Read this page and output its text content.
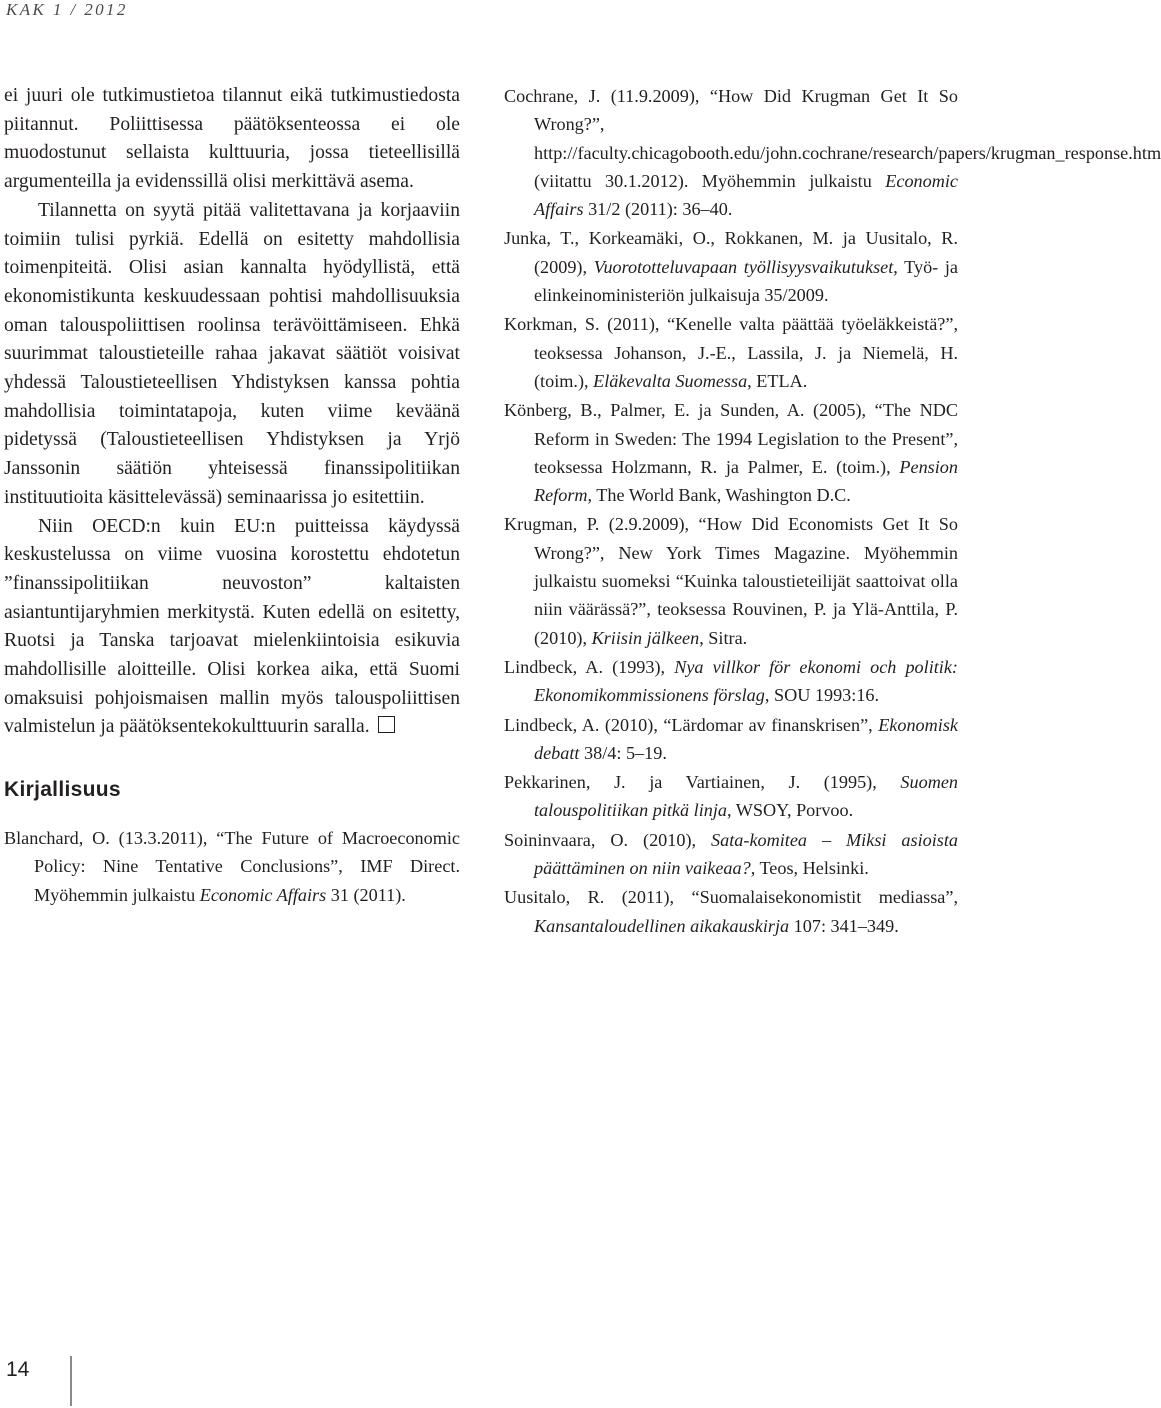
KAK 1 / 2012
ei juuri ole tutkimustietoa tilannut eikä tutkimustiedosta piitannut. Poliittisessa päätöksenteossa ei ole muodostunut sellaista kulttuuria, jossa tieteellisillä argumenteilla ja evidenssillä olisi merkittävä asema.
Tilannetta on syytä pitää valitettavana ja korjaaviin toimiin tulisi pyrkiä. Edellä on esitetty mahdollisia toimenpiteitä. Olisi asian kannalta hyödyllistä, että ekonomistikunta keskuudessaan pohtisi mahdollisuuksia oman talouspoliittisen roolinsa terävöittämiseen. Ehkä suurimmat taloustieteille rahaa jakavat säätiöt voisivat yhdessä Taloustieteellisen Yhdistyksen kanssa pohtia mahdollisia toimintatapoja, kuten viime keväänä pidetyssä (Taloustieteellisen Yhdistyksen ja Yrjö Janssonin säätiön yhteisessä finanssipolitiikan instituutioita käsittelevässä) seminaarissa jo esitettiin.
Niin OECD:n kuin EU:n puitteissa käydyssä keskustelussa on viime vuosina korostettu ehdotetun ”finanssipolitiikan neuvoston” kaltaisten asiantuntijaryhmien merkitystä. Kuten edellä on esitetty, Ruotsi ja Tanska tarjoavat mielenkiintoisia esikuvia mahdollisille aloitteille. Olisi korkea aika, että Suomi omaksuisi pohjoismaisen mallin myös talouspoliittisen valmistelun ja päätöksentekokulttuurin saralla.
Kirjallisuus
Blanchard, O. (13.3.2011), “The Future of Macroeconomic Policy: Nine Tentative Conclusions”, IMF Direct. Myöhemmin julkaistu Economic Affairs 31 (2011).
Cochrane, J. (11.9.2009), “How Did Krugman Get It So Wrong?”, http://faculty.chicagobooth.edu/john.cochrane/research/papers/krugman_response.htm (viitattu 30.1.2012). Myöhemmin julkaistu Economic Affairs 31/2 (2011): 36–40.
Junka, T., Korkeamäki, O., Rokkanen, M. ja Uusitalo, R. (2009), Vuorototteluvapaan työllisyysvaikutukset, Työ- ja elinkeinoministeriön julkaisuja 35/2009.
Korkman, S. (2011), “Kenelle valta päättää työeläkkeistä?”, teoksessa Johanson, J.-E., Lassila, J. ja Niemelä, H. (toim.), Eläkevalta Suomessa, ETLA.
Könberg, B., Palmer, E. ja Sunden, A. (2005), “The NDC Reform in Sweden: The 1994 Legislation to the Present”, teoksessa Holzmann, R. ja Palmer, E. (toim.), Pension Reform, The World Bank, Washington D.C.
Krugman, P. (2.9.2009), “How Did Economists Get It So Wrong?”, New York Times Magazine. Myöhemmin julkaistu suomeksi “Kuinka taloustieteilijät saattoivat olla niin väärässä?”, teoksessa Rouvinen, P. ja Ylä-Anttila, P. (2010), Kriisin jälkeen, Sitra.
Lindbeck, A. (1993), Nya villkor för ekonomi och politik: Ekonomikommissionens förslag, SOU 1993:16.
Lindbeck, A. (2010), “Lärdomar av finanskrisen”, Ekonomisk debatt 38/4: 5–19.
Pekkarinen, J. ja Vartiainen, J. (1995), Suomen talouspolitiikan pitkä linja, WSOY, Porvoo.
Soininvaara, O. (2010), Sata-komitea – Miksi asioista päättäminen on niin vaikeaa?, Teos, Helsinki.
Uusitalo, R. (2011), “Suomalaisekonomistit mediassa”, Kansantaloudellinen aikakauskirja 107: 341–349.
14
